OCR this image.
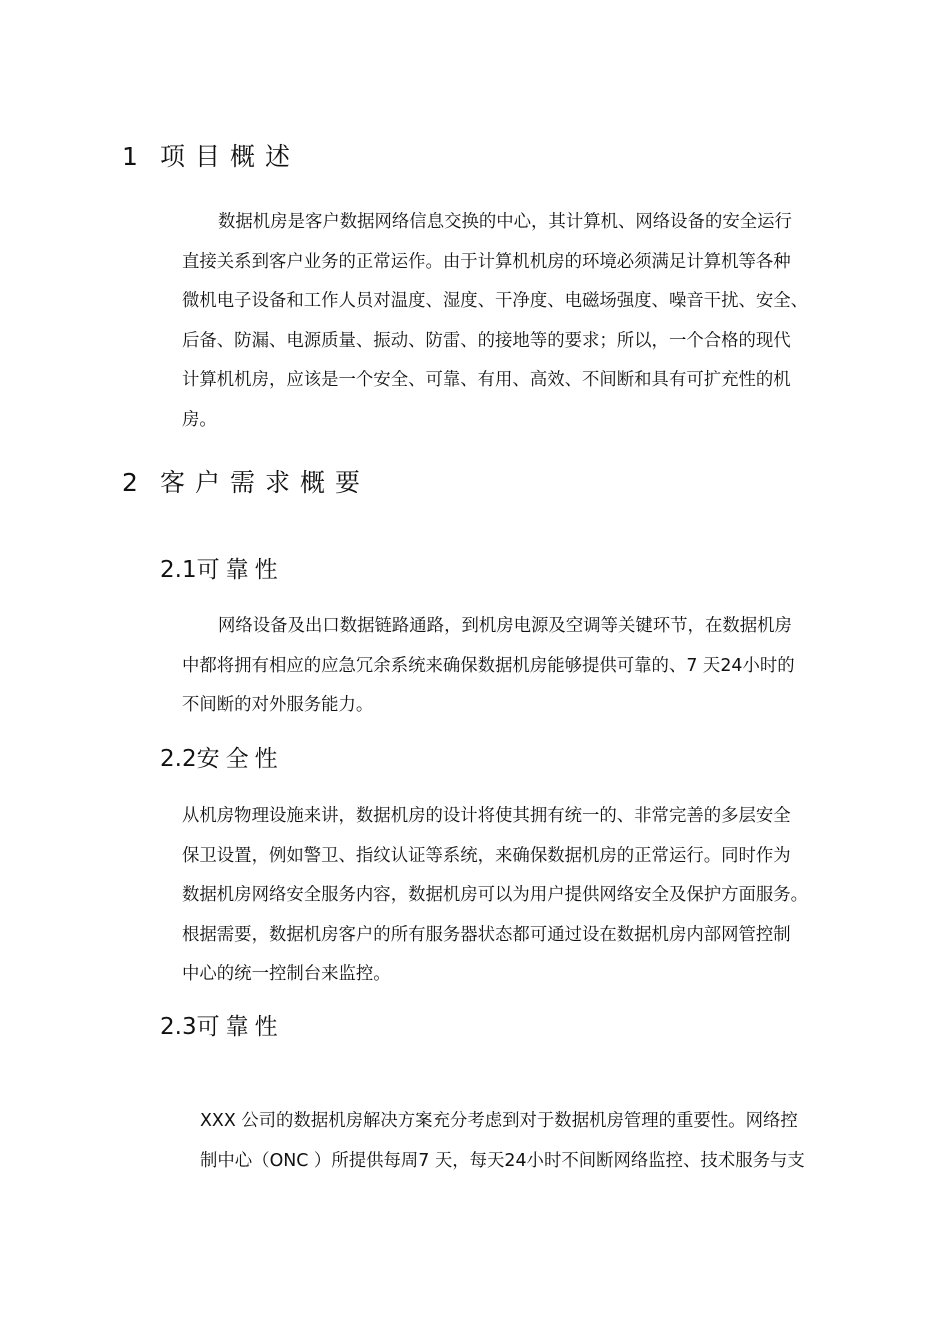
1 项目概述
数据机房是客户数据网络信息交换的中心，其计算机、网络设备的安全运行
直接关系到客户业务的正常运作。由于计算机机房的环境必须满足计算机等各种
微机电子设备和工作人员对温度、湿度、干净度、电磁场强度、噪音干扰、安全、
后备、防漏、电源质量、振动、防雷、的接地等的要求；所以，一个合格的现代
计算机机房，应该是一个安全、可靠、有用、高效、不间断和具有可扩充性的机
房。
2 客户需求概要
2.1可靠性
网络设备及出口数据链路通路，到机房电源及空调等关键环节，在数据机房
中都将拥有相应的应急冗余系统来确保数据机房能够提供可靠的、7 天24小时的
不间断的对外服务能力。
2.2安全性
从机房物理设施来讲，数据机房的设计将使其拥有统一的、非常完善的多层安全
保卫设置，例如警卫、指纹认证等系统，来确保数据机房的正常运行。同时作为
数据机房网络安全服务内容，数据机房可以为用户提供网络安全及保护方面服务。
根据需要，数据机房客户的所有服务器状态都可通过设在数据机房内部网管控制
中心的统一控制台来监控。
2.3可靠性
XXX 公司的数据机房解决方案充分考虑到对于数据机房管理的重要性。网络控
制中心（ONC ）所提供每周7 天，每天24小时不间断网络监控、技术服务与支
